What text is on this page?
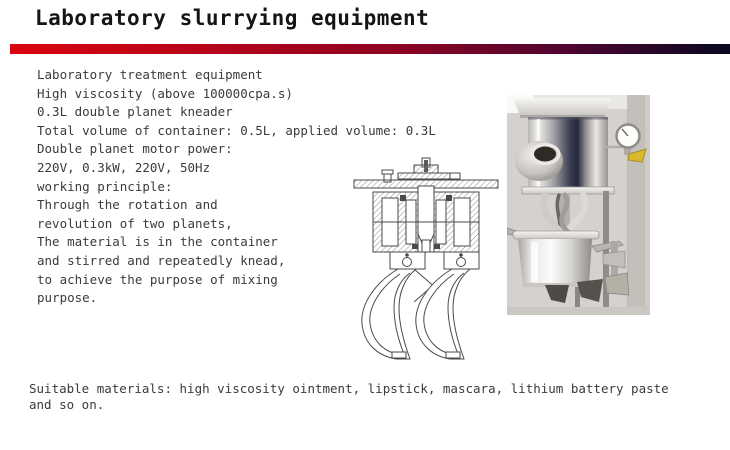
Laboratory slurrying equipment
Laboratory treatment equipment
High viscosity (above 100000cpa.s)
0.3L double planet kneader
Total volume of container: 0.5L, applied volume: 0.3L
Double planet motor power:
220V, 0.3kW, 220V, 50Hz
working principle:
Through the rotation and
revolution of two planets,
The material is in the container
and stirred and repeatedly knead,
to achieve the purpose of mixing
purpose.
Suitable materials: high viscosity ointment, lipstick, mascara, lithium battery paste
and so on.
